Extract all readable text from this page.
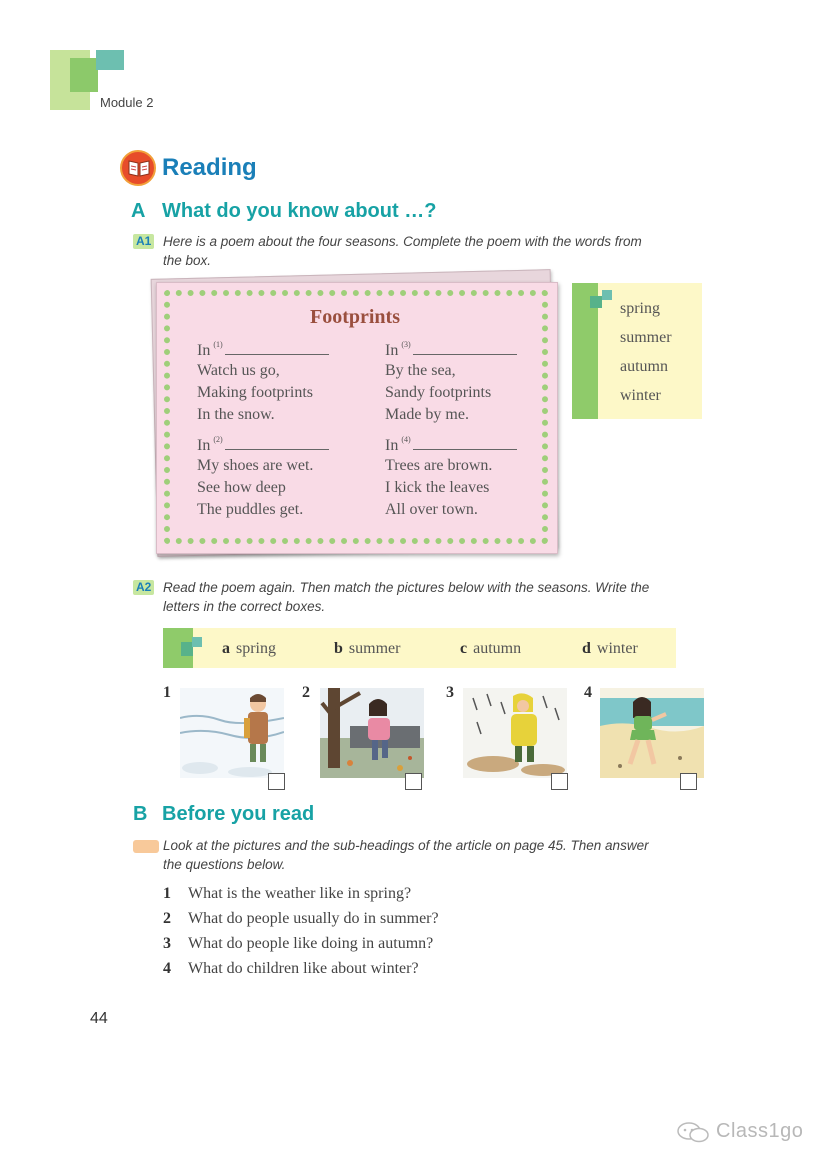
Module 2
Reading
A What do you know about …?
A1 Here is a poem about the four seasons. Complete the poem with the words from
the box.
Footprints
In $^{(1)}$
Watch us go,
Making footprints
In the snow.
In $^{(3)}$
By the sea,
Sandy footprints
Made by me.
In $^{(2)}$
My shoes are wet.
See how deep
The puddles get.
In $^{(4)}$
Trees are brown.
I kick the leaves
All over town.
spring
summer
autumn
winter
A2 Read the poem again. Then match the pictures below with the seasons. Write the
letters in the correct boxes.
a spring	b summer	c autumn	d winter
1	2	3	4
B Before you read
Look at the pictures and the sub-headings of the article on page 45. Then answer
the questions below.
1 What is the weather like in spring?
2 What do people usually do in summer?
3 What do people like doing in autumn?
4 What do children like about winter?
44
Class1go
